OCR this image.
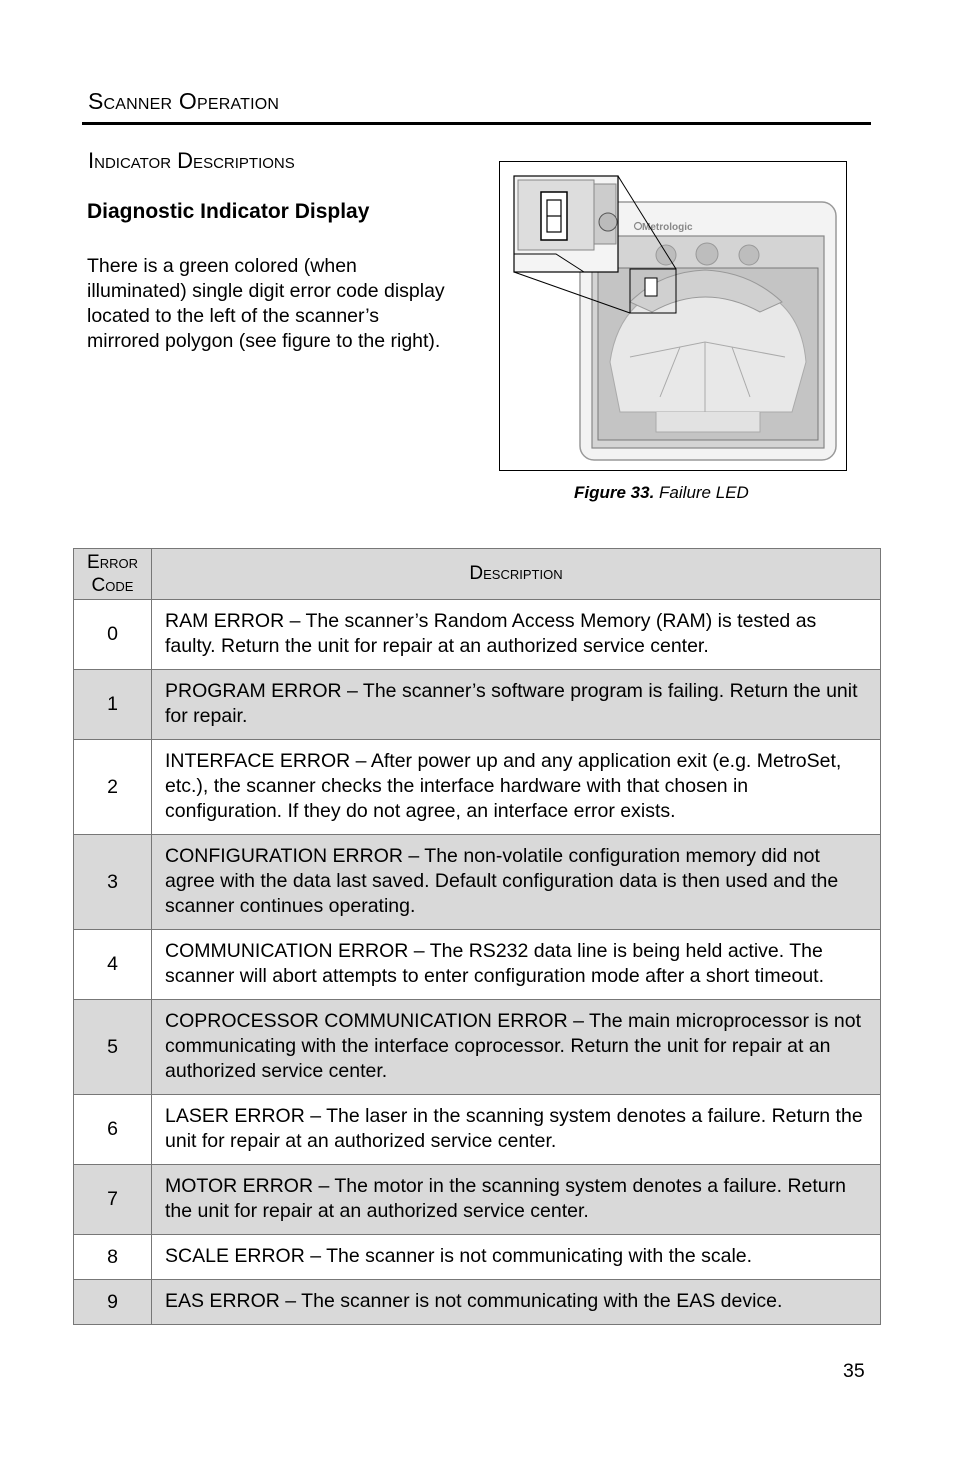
Scanner Operation
Indicator Descriptions
Diagnostic Indicator Display
There is a green colored (when illuminated) single digit error code display located to the left of the scanner’s mirrored polygon (see figure to the right).
Metrologic
Figure 33. Failure LED
Error Code	Description
0	RAM ERROR – The scanner’s Random Access Memory (RAM) is tested as faulty. Return the unit for repair at an authorized service center.
1	PROGRAM ERROR – The scanner’s software program is failing. Return the unit for repair.
2	INTERFACE ERROR – After power up and any application exit (e.g. MetroSet, etc.), the scanner checks the interface hardware with that chosen in configuration. If they do not agree, an interface error exists.
3	CONFIGURATION ERROR – The non-volatile configuration memory did not agree with the data last saved. Default configuration data is then used and the scanner continues operating.
4	COMMUNICATION ERROR – The RS232 data line is being held active. The scanner will abort attempts to enter configuration mode after a short timeout.
5	COPROCESSOR COMMUNICATION ERROR – The main microprocessor is not communicating with the interface coprocessor. Return the unit for repair at an authorized service center.
6	LASER ERROR – The laser in the scanning system denotes a failure. Return the unit for repair at an authorized service center.
7	MOTOR ERROR – The motor in the scanning system denotes a failure. Return the unit for repair at an authorized service center.
8	SCALE ERROR – The scanner is not communicating with the scale.
9	EAS ERROR – The scanner is not communicating with the EAS device.
35
